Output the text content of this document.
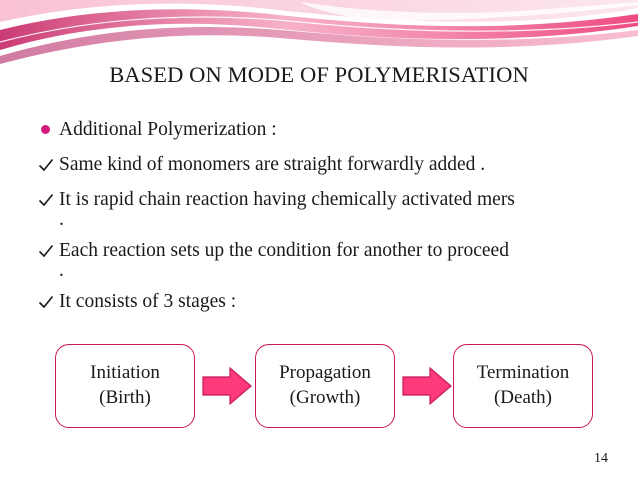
BASED ON MODE OF POLYMERISATION
Additional Polymerization :
Same kind of monomers are straight forwardly added .
It is rapid chain reaction having chemically activated mers
.
Each reaction sets up the condition for another to proceed
.
It consists of 3 stages :
Initiation
(Birth)
Propagation
(Growth)
Termination
(Death)
14
